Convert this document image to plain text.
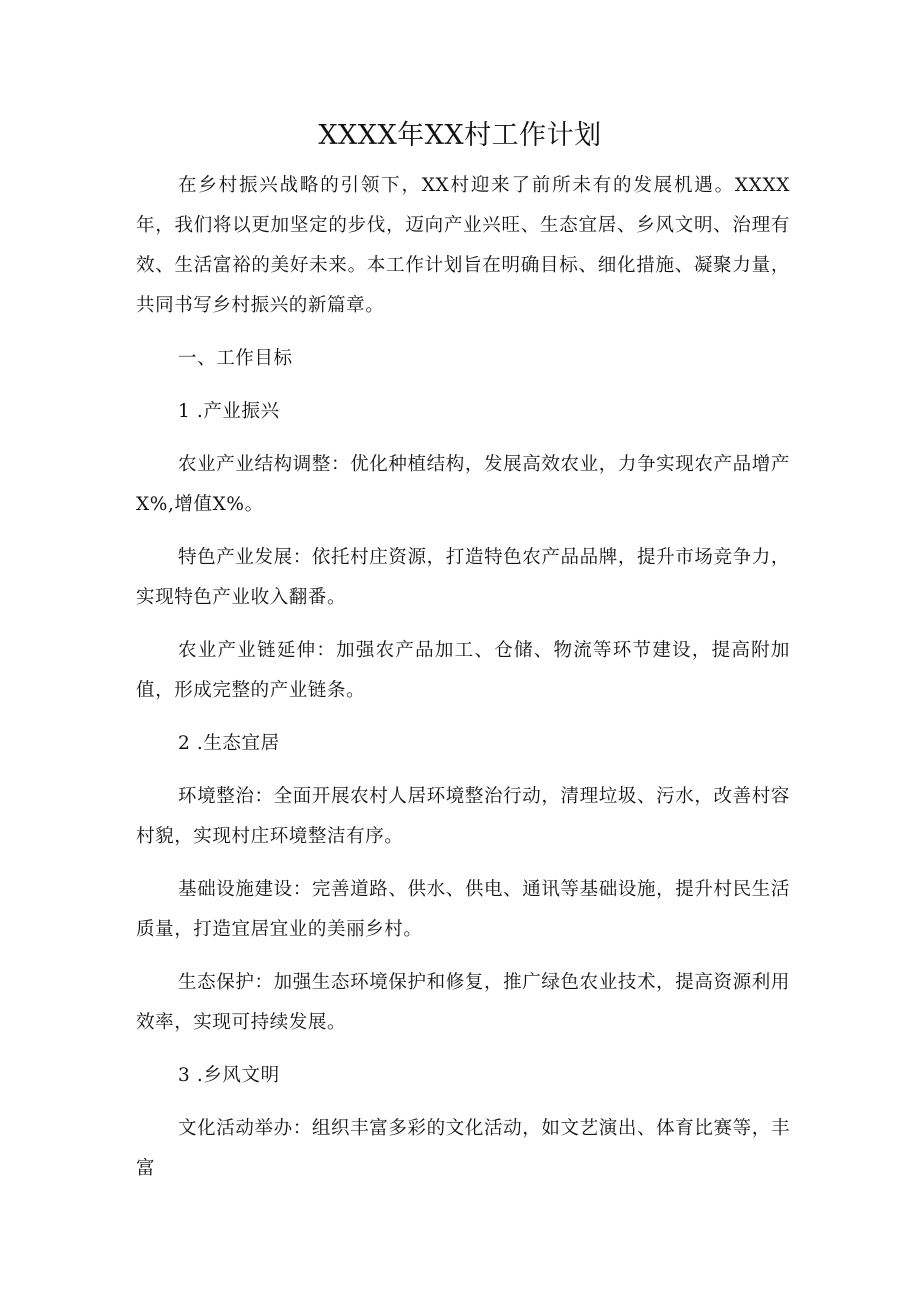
XXXX年XX村工作计划

在乡村振兴战略的引领下，XX村迎来了前所未有的发展机遇。XXXX年，我们将以更加坚定的步伐，迈向产业兴旺、生态宜居、乡风文明、治理有效、生活富裕的美好未来。本工作计划旨在明确目标、细化措施、凝聚力量，共同书写乡村振兴的新篇章。

一、工作目标

1 .产业振兴

农业产业结构调整：优化种植结构，发展高效农业，力争实现农产品增产X%,增值X%。

特色产业发展：依托村庄资源，打造特色农产品品牌，提升市场竞争力，实现特色产业收入翻番。

农业产业链延伸：加强农产品加工、仓储、物流等环节建设，提高附加值，形成完整的产业链条。

2 .生态宜居

环境整治：全面开展农村人居环境整治行动，清理垃圾、污水，改善村容村貌，实现村庄环境整洁有序。

基础设施建设：完善道路、供水、供电、通讯等基础设施，提升村民生活质量，打造宜居宜业的美丽乡村。

生态保护：加强生态环境保护和修复，推广绿色农业技术，提高资源利用效率，实现可持续发展。

3 .乡风文明

文化活动举办：组织丰富多彩的文化活动，如文艺演出、体育比赛等，丰富
